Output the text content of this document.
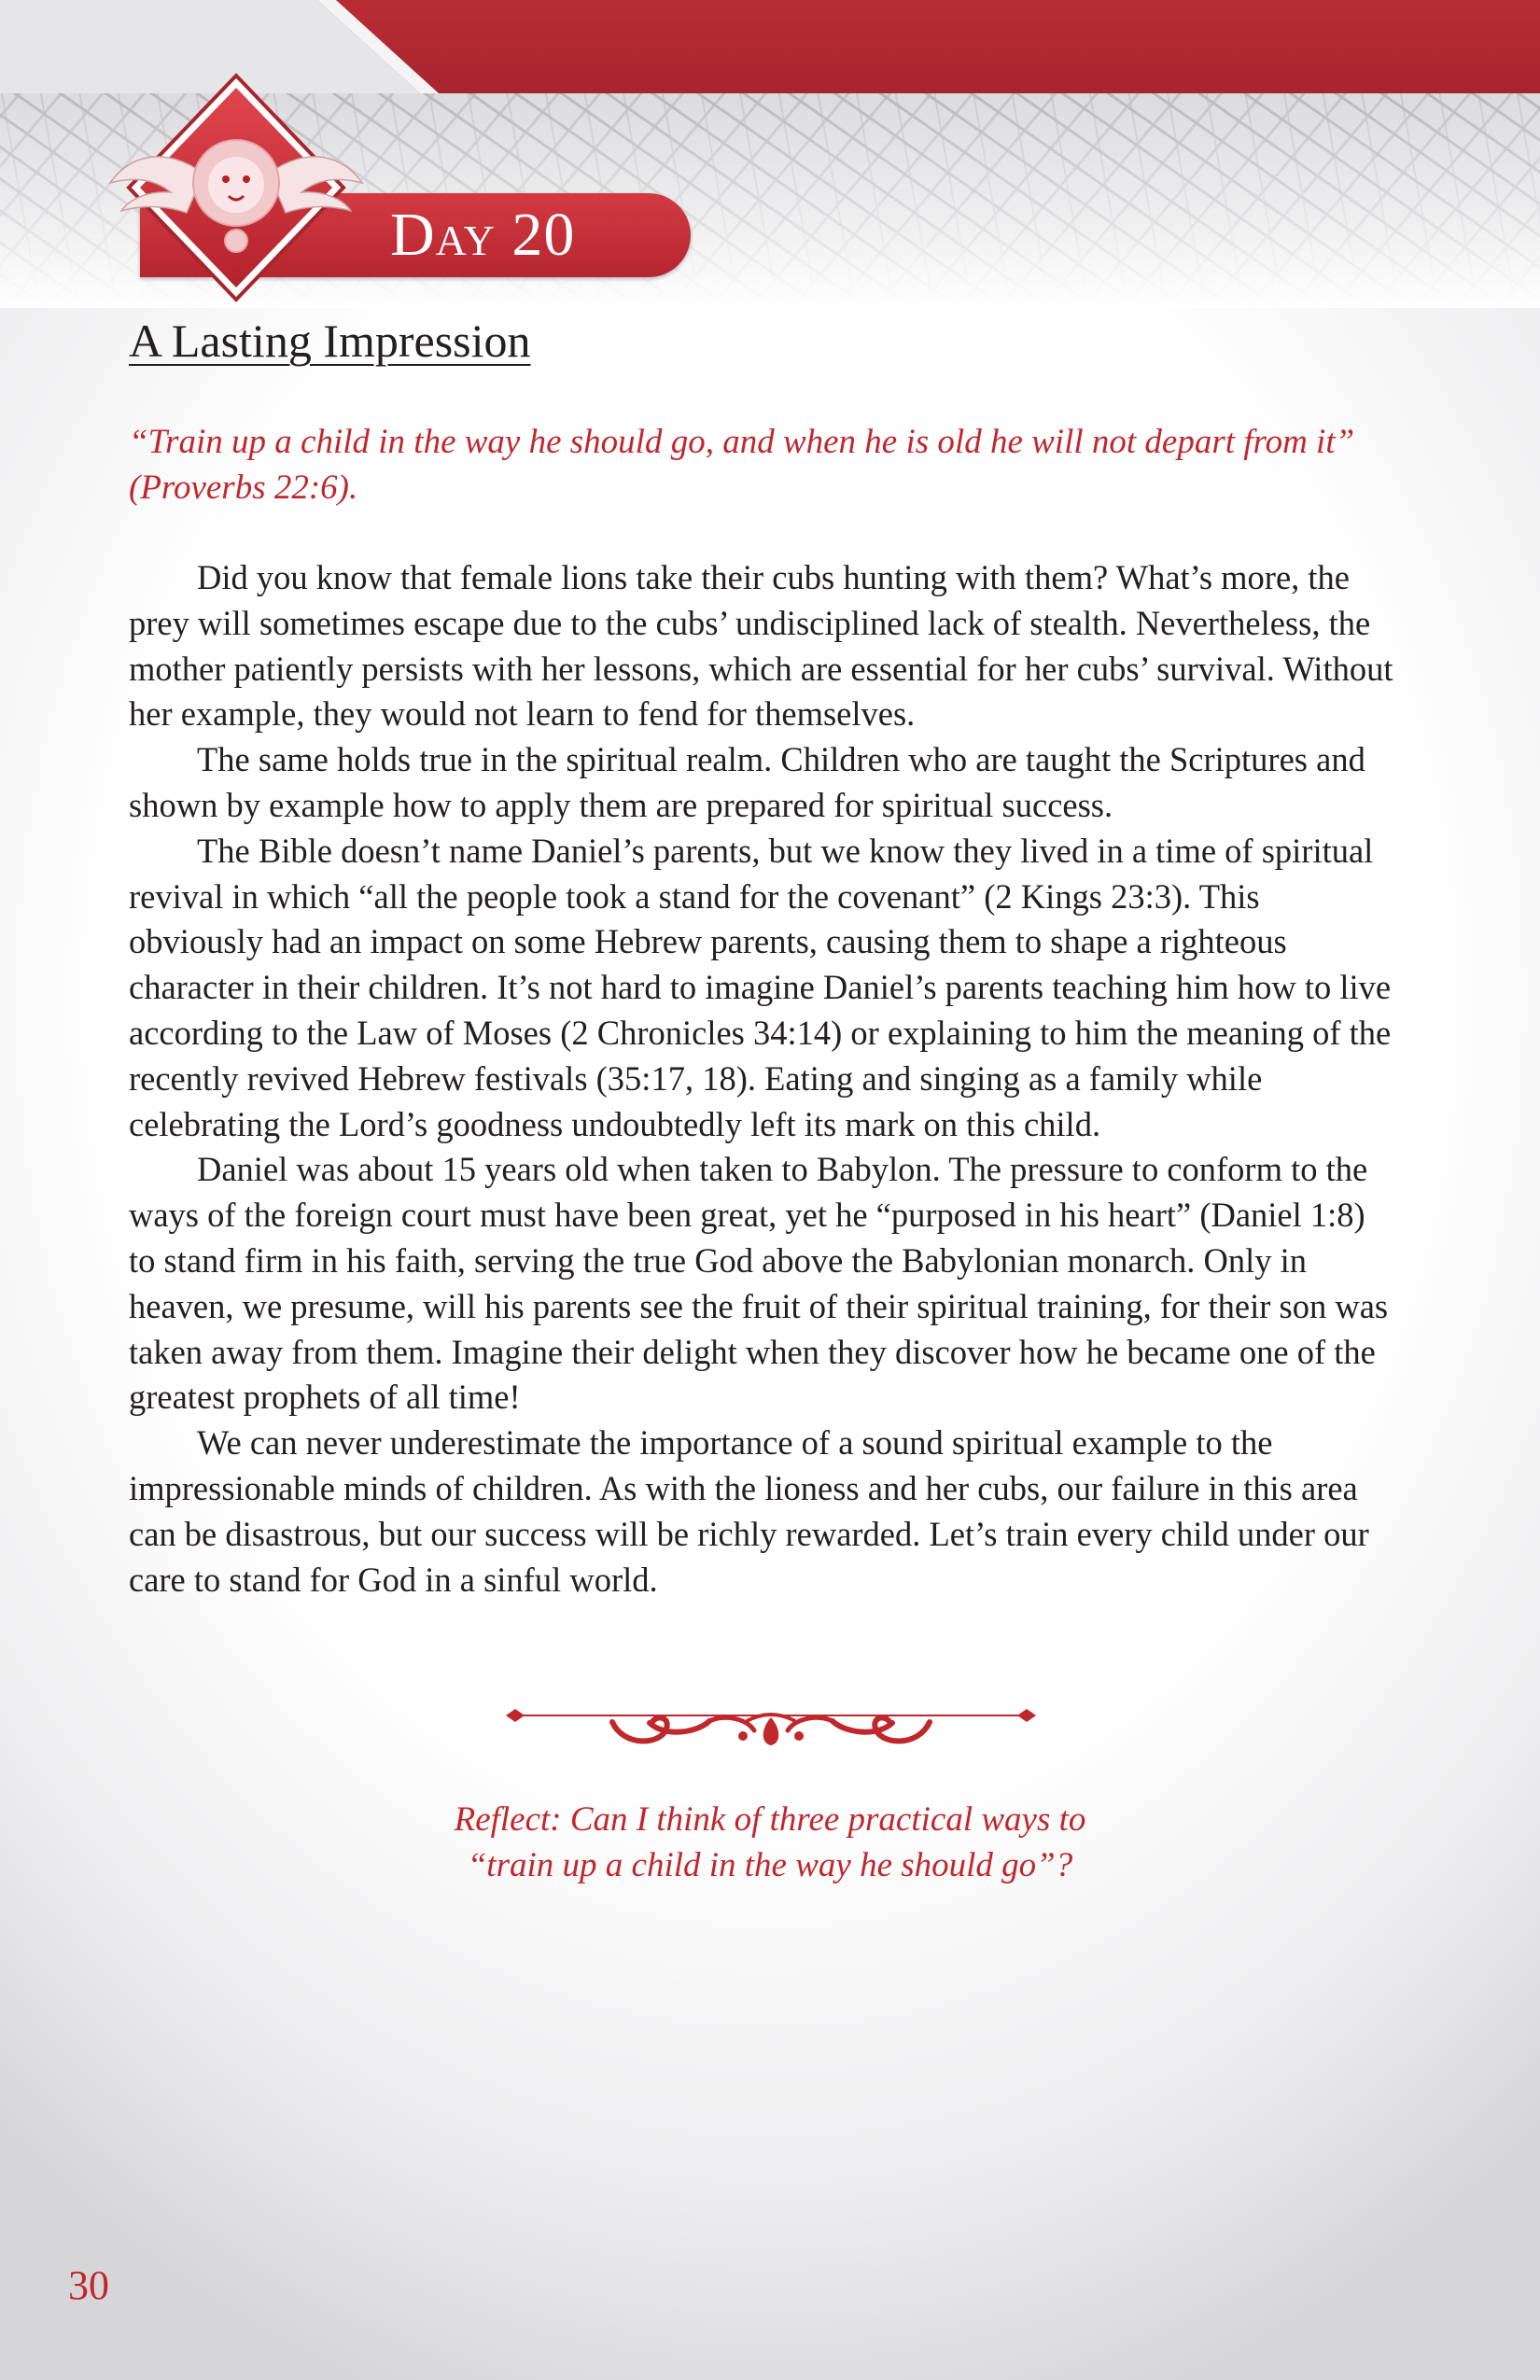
Day 20
A Lasting Impression

“Train up a child in the way he should go, and when he is old he will not depart from it” (Proverbs 22:6).

Did you know that female lions take their cubs hunting with them? What’s more, the prey will sometimes escape due to the cubs’ undisciplined lack of stealth. Nevertheless, the mother patiently persists with her lessons, which are essential for her cubs’ survival. Without her example, they would not learn to fend for themselves.

The same holds true in the spiritual realm. Children who are taught the Scriptures and shown by example how to apply them are prepared for spiritual success.

The Bible doesn’t name Daniel’s parents, but we know they lived in a time of spiritual revival in which “all the people took a stand for the covenant” (2 Kings 23:3). This obviously had an impact on some Hebrew parents, causing them to shape a righteous character in their children. It’s not hard to imagine Daniel’s parents teaching him how to live according to the Law of Moses (2 Chronicles 34:14) or explaining to him the meaning of the recently revived Hebrew festivals (35:17, 18). Eating and singing as a family while celebrating the Lord’s goodness undoubtedly left its mark on this child.

Daniel was about 15 years old when taken to Babylon. The pressure to conform to the ways of the foreign court must have been great, yet he “purposed in his heart” (Daniel 1:8) to stand firm in his faith, serving the true God above the Babylonian monarch. Only in heaven, we presume, will his parents see the fruit of their spiritual training, for their son was taken away from them. Imagine their delight when they discover how he became one of the greatest prophets of all time!

We can never underestimate the importance of a sound spiritual example to the impressionable minds of children. As with the lioness and her cubs, our failure in this area can be disastrous, but our success will be richly rewarded. Let’s train every child under our care to stand for God in a sinful world.

Reflect: Can I think of three practical ways to
“train up a child in the way he should go”?

30
